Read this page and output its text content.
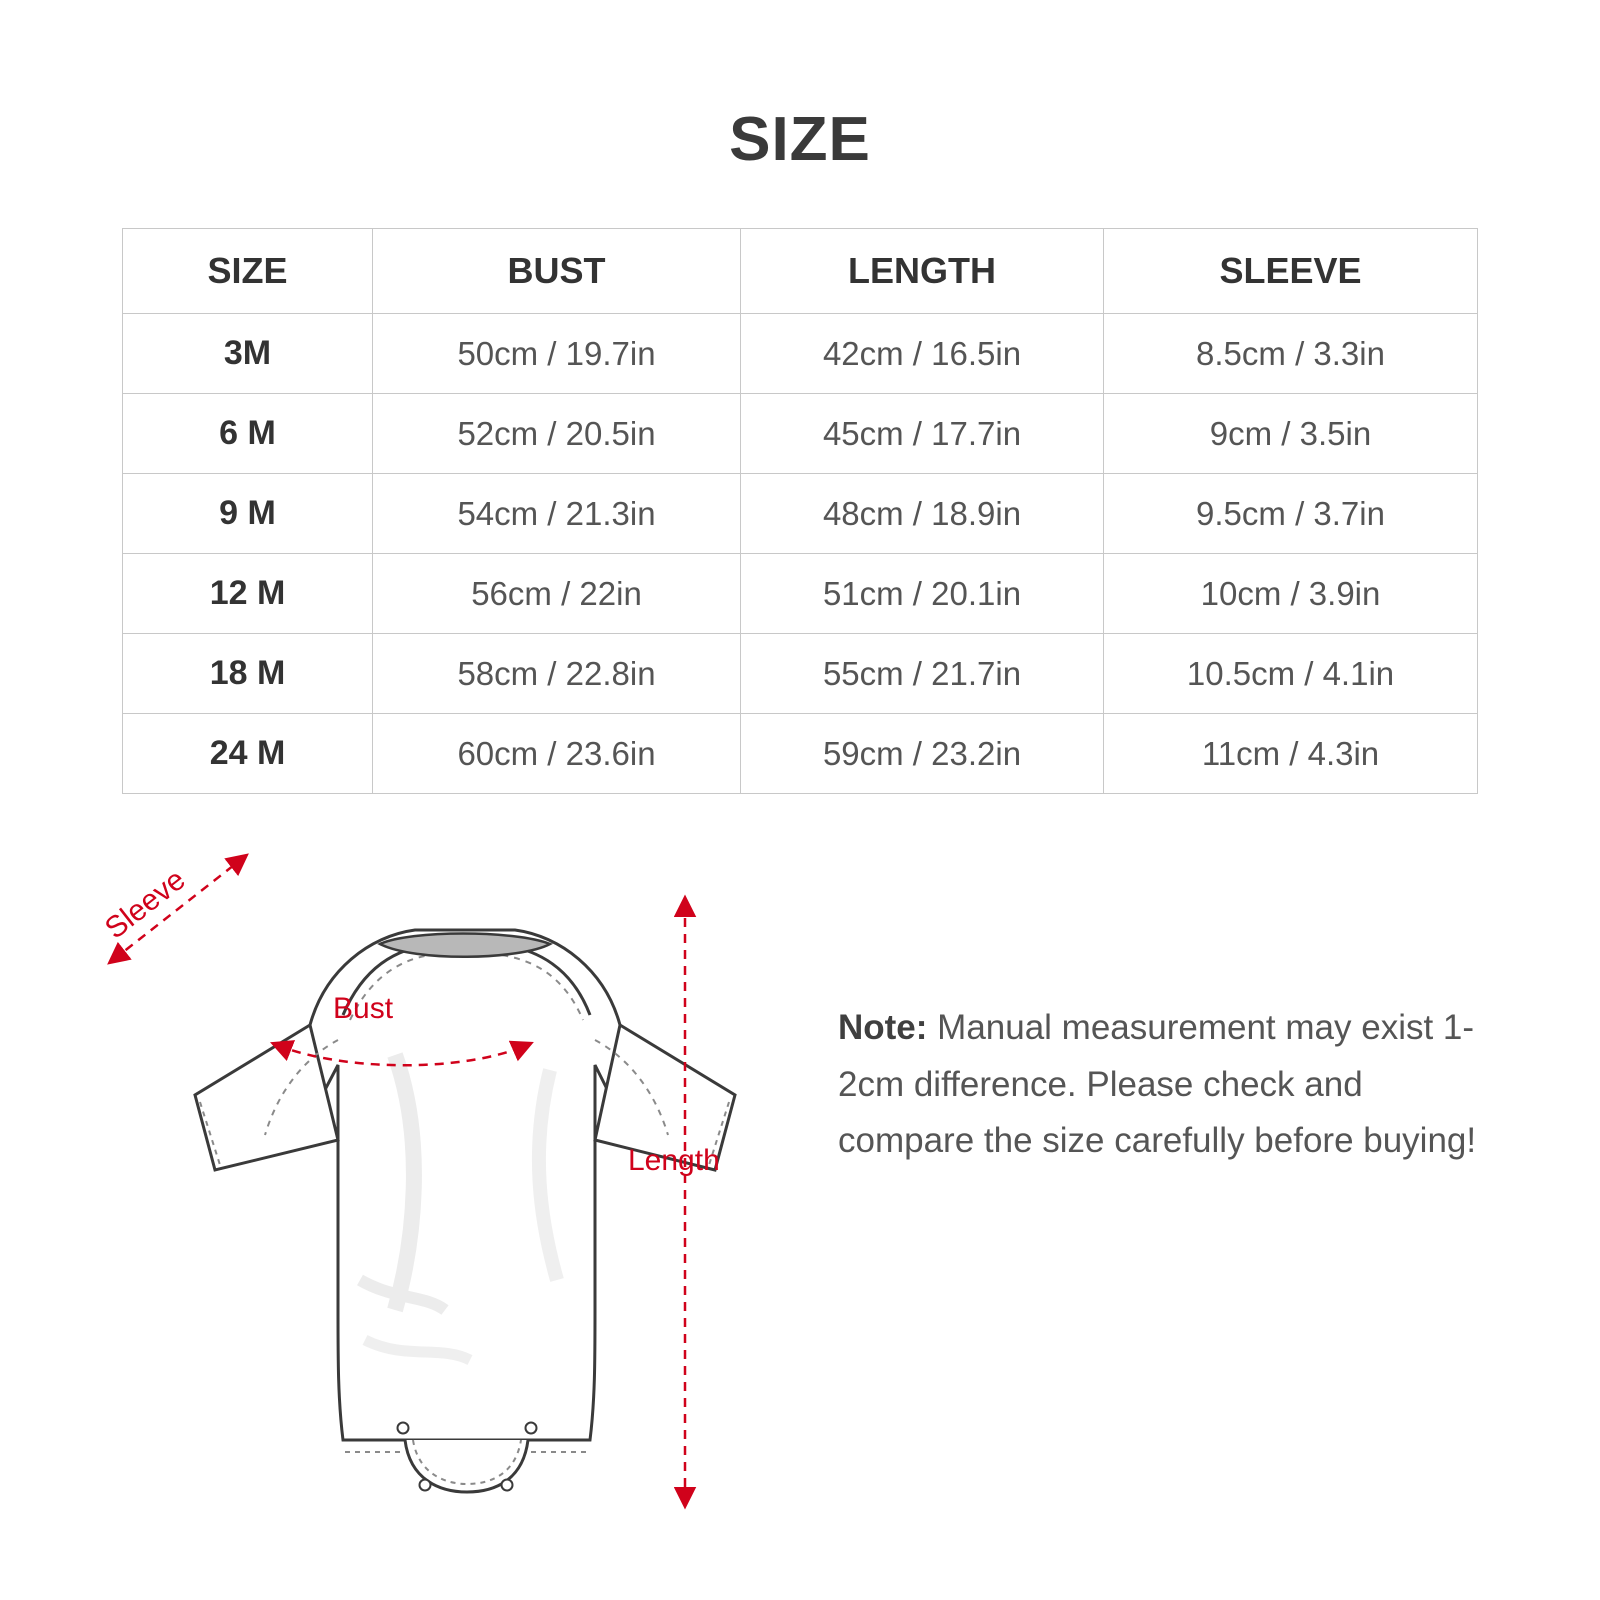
SIZE
SIZE	BUST	LENGTH	SLEEVE
3M	50cm / 19.7in	42cm / 16.5in	8.5cm / 3.3in
6 M	52cm / 20.5in	45cm / 17.7in	9cm / 3.5in
9 M	54cm / 21.3in	48cm / 18.9in	9.5cm / 3.7in
12 M	56cm / 22in	51cm / 20.1in	10cm / 3.9in
18 M	58cm / 22.8in	55cm / 21.7in	10.5cm / 4.1in
24 M	60cm / 23.6in	59cm / 23.2in	11cm / 4.3in
Sleeve
Bust
Length
Note: Manual measurement may exist 1-2cm difference. Please check and compare the size carefully before buying!
